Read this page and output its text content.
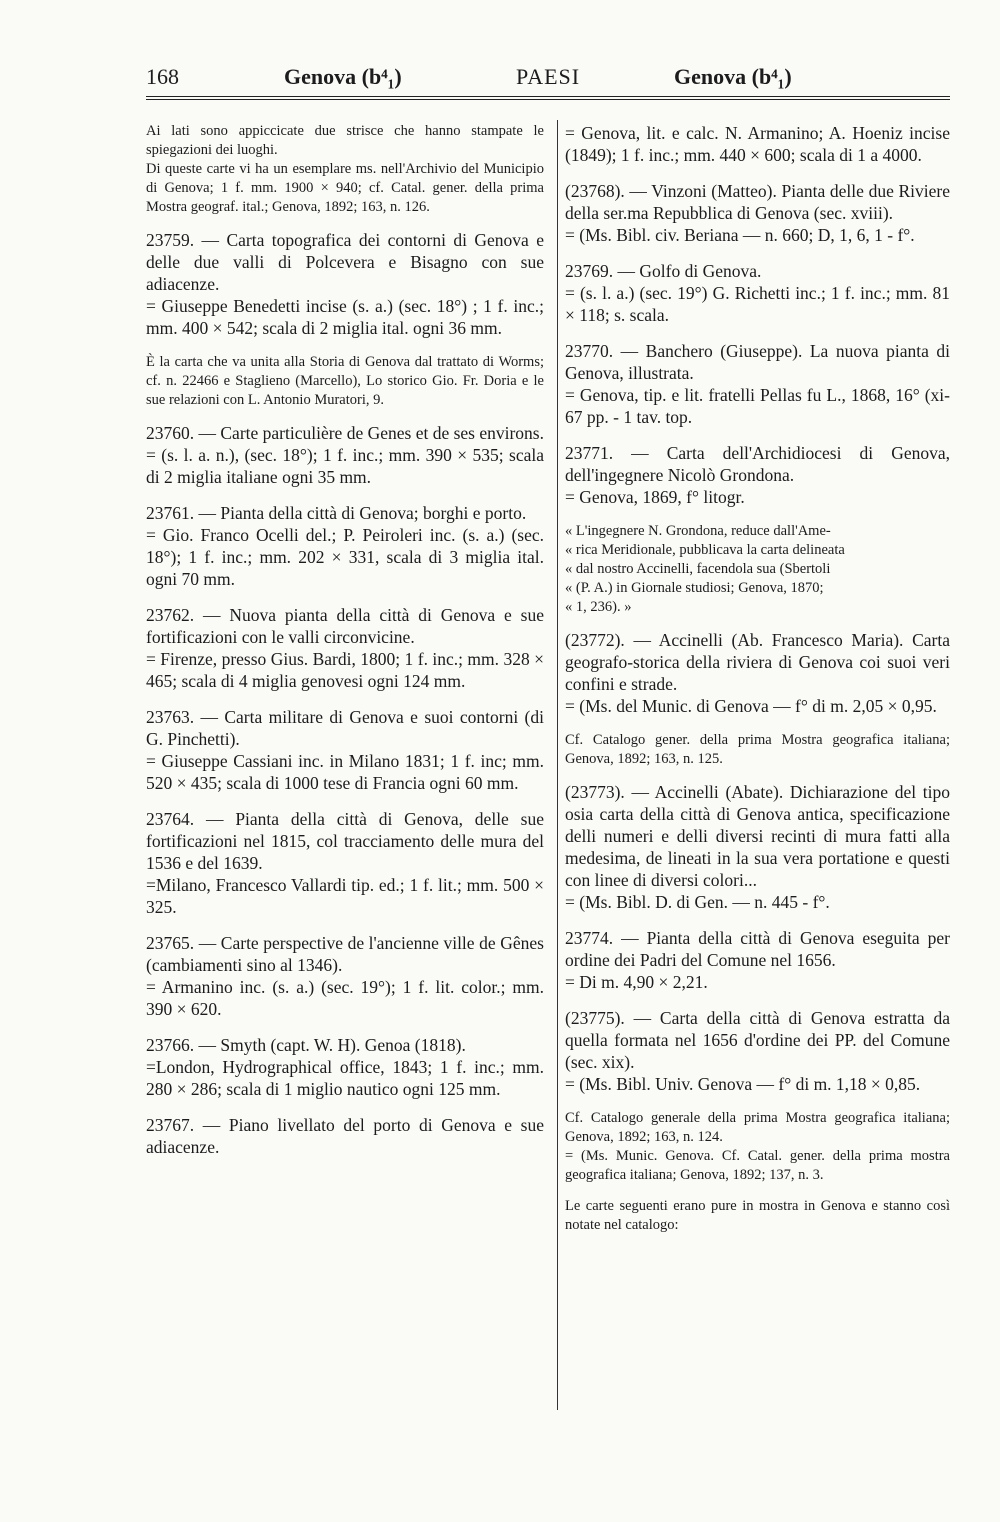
168	Genova (b⁴₁)	PAESI	Genova (b⁴₁)

Ai lati sono appiccicate due strisce che hanno stampate le spiegazioni dei luoghi.
Di queste carte vi ha un esemplare ms. nell'Archivio del Municipio di Genova; 1 f. mm. 1900 × 940; cf. Catal. gener. della prima Mostra geograf. ital.; Genova, 1892; 163, n. 126.

23759. — Carta topografica dei contorni di Genova e delle due valli di Polcevera e Bisagno con sue adiacenze.
= Giuseppe Benedetti incise (s. a.) (sec. 18°) ; 1 f. inc.; mm. 400 × 542; scala di 2 miglia ital. ogni 36 mm.

È la carta che va unita alla Storia di Genova dal trattato di Worms; cf. n. 22466 e Staglieno (Marcello), Lo storico Gio. Fr. Doria e le sue relazioni con L. Antonio Muratori, 9.

23760. — Carte particulière de Genes et de ses environs.
= (s. l. a. n.), (sec. 18°); 1 f. inc.; mm. 390 × 535; scala di 2 miglia italiane ogni 35 mm.

23761. — Pianta della città di Genova; borghi e porto.
= Gio. Franco Ocelli del.; P. Peiroleri inc. (s. a.) (sec. 18°); 1 f. inc.; mm. 202 × 331, scala di 3 miglia ital. ogni 70 mm.

23762. — Nuova pianta della città di Genova e sue fortificazioni con le valli circonvicine.
= Firenze, presso Gius. Bardi, 1800; 1 f. inc.; mm. 328 × 465; scala di 4 miglia genovesi ogni 124 mm.

23763. — Carta militare di Genova e suoi contorni (di G. Pinchetti).
= Giuseppe Cassiani inc. in Milano 1831; 1 f. inc; mm. 520 × 435; scala di 1000 tese di Francia ogni 60 mm.

23764. — Pianta della città di Genova, delle sue fortificazioni nel 1815, col tracciamento delle mura del 1536 e del 1639.
=Milano, Francesco Vallardi tip. ed.; 1 f. lit.; mm. 500 × 325.

23765. — Carte perspective de l'ancienne ville de Gênes (cambiamenti sino al 1346).
= Armanino inc. (s. a.) (sec. 19°); 1 f. lit. color.; mm. 390 × 620.

23766. — Smyth (capt. W. H). Genoa (1818).
=London, Hydrographical office, 1843; 1 f. inc.; mm. 280 × 286; scala di 1 miglio nautico ogni 125 mm.

23767. — Piano livellato del porto di Genova e sue adiacenze.

= Genova, lit. e calc. N. Armanino; A. Hoeniz incise (1849); 1 f. inc.; mm. 440 × 600; scala di 1 a 4000.

(23768). — Vinzoni (Matteo). Pianta delle due Riviere della ser.ma Repubblica di Genova (sec. xviii).
= (Ms. Bibl. civ. Beriana — n. 660; D, 1, 6, 1 - f°.

23769. — Golfo di Genova.
= (s. l. a.) (sec. 19°) G. Richetti inc.; 1 f. inc.; mm. 81 × 118; s. scala.

23770. — Banchero (Giuseppe). La nuova pianta di Genova, illustrata.
= Genova, tip. e lit. fratelli Pellas fu L., 1868, 16° (xi-67 pp. - 1 tav. top.

23771. — Carta dell'Archidiocesi di Genova, dell'ingegnere Nicolò Grondona.
= Genova, 1869, f° litogr.

« L'ingegnere N. Grondona, reduce dall'Ame-
« rica Meridionale, pubblicava la carta delineata
« dal nostro Accinelli, facendola sua (Sbertoli
« (P. A.) in Giornale studiosi; Genova, 1870;
« 1, 236). »

(23772). — Accinelli (Ab. Francesco Maria). Carta geografo-storica della riviera di Genova coi suoi veri confini e strade.
= (Ms. del Munic. di Genova — f° di m. 2,05 × 0,95.

Cf. Catalogo gener. della prima Mostra geografica italiana; Genova, 1892; 163, n. 125.

(23773). — Accinelli (Abate). Dichiarazione del tipo osia carta della città di Genova antica, specificazione delli numeri e delli diversi recinti di mura fatti alla medesima, de lineati in la sua vera portatione e questi con linee di diversi colori...
= (Ms. Bibl. D. di Gen. — n. 445 - f°.

23774. — Pianta della città di Genova eseguita per ordine dei Padri del Comune nel 1656.
= Di m. 4,90 × 2,21.

(23775). — Carta della città di Genova estratta da quella formata nel 1656 d'ordine dei PP. del Comune (sec. xix).
= (Ms. Bibl. Univ. Genova — f° di m. 1,18 × 0,85.

Cf. Catalogo generale della prima Mostra geografica italiana; Genova, 1892; 163, n. 124.
= (Ms. Munic. Genova. Cf. Catal. gener. della prima mostra geografica italiana; Genova, 1892; 137, n. 3.

Le carte seguenti erano pure in mostra in Genova e stanno così notate nel catalogo:
